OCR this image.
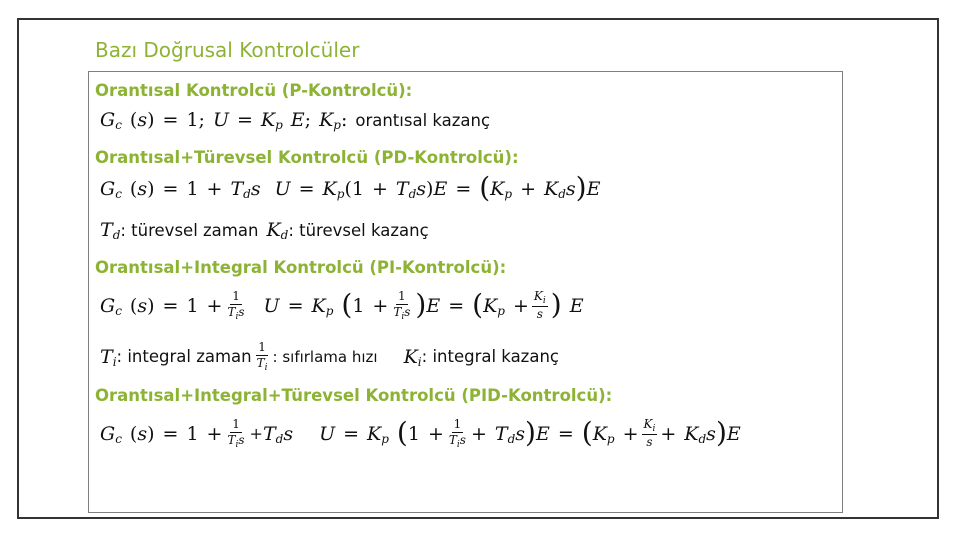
Bazı Doğrusal Kontrolcüler
Orantısal Kontrolcü (P-Kontrolcü):
G c ( s ) = 1; U = K p E ; K p : orantısal kazanç
Orantısal+Türevsel Kontrolcü (PD-Kontrolcü):
G c ( s ) = 1 + T d s U = K p (1 + T d s ) E = ( K p + K d s ) E
T d : türevsel zaman K d : türevsel kazanç
Orantısal+Integral Kontrolcü (PI-Kontrolcü):
G c ( s ) = $1 + \frac{1}{T_is}$ U = K p ( $1 + \frac{1}{T_is}$ ) E = ( K $p + \frac{K_i}{s}$ ) E
T i : integral zaman $\frac{1}{T_i}$ : sıfırlama hızı K i : integral kazanç
Orantısal+Integral+Türevsel Kontrolcü (PID-Kontrolcü):
G c ( s ) = $1 + \frac{1}{T_is} + T$ d s U = K p ( $1 + \frac{1}{T_is} + T$ d s ) E = ( K $p + \frac{K_i}{s} + K$ d s ) E
